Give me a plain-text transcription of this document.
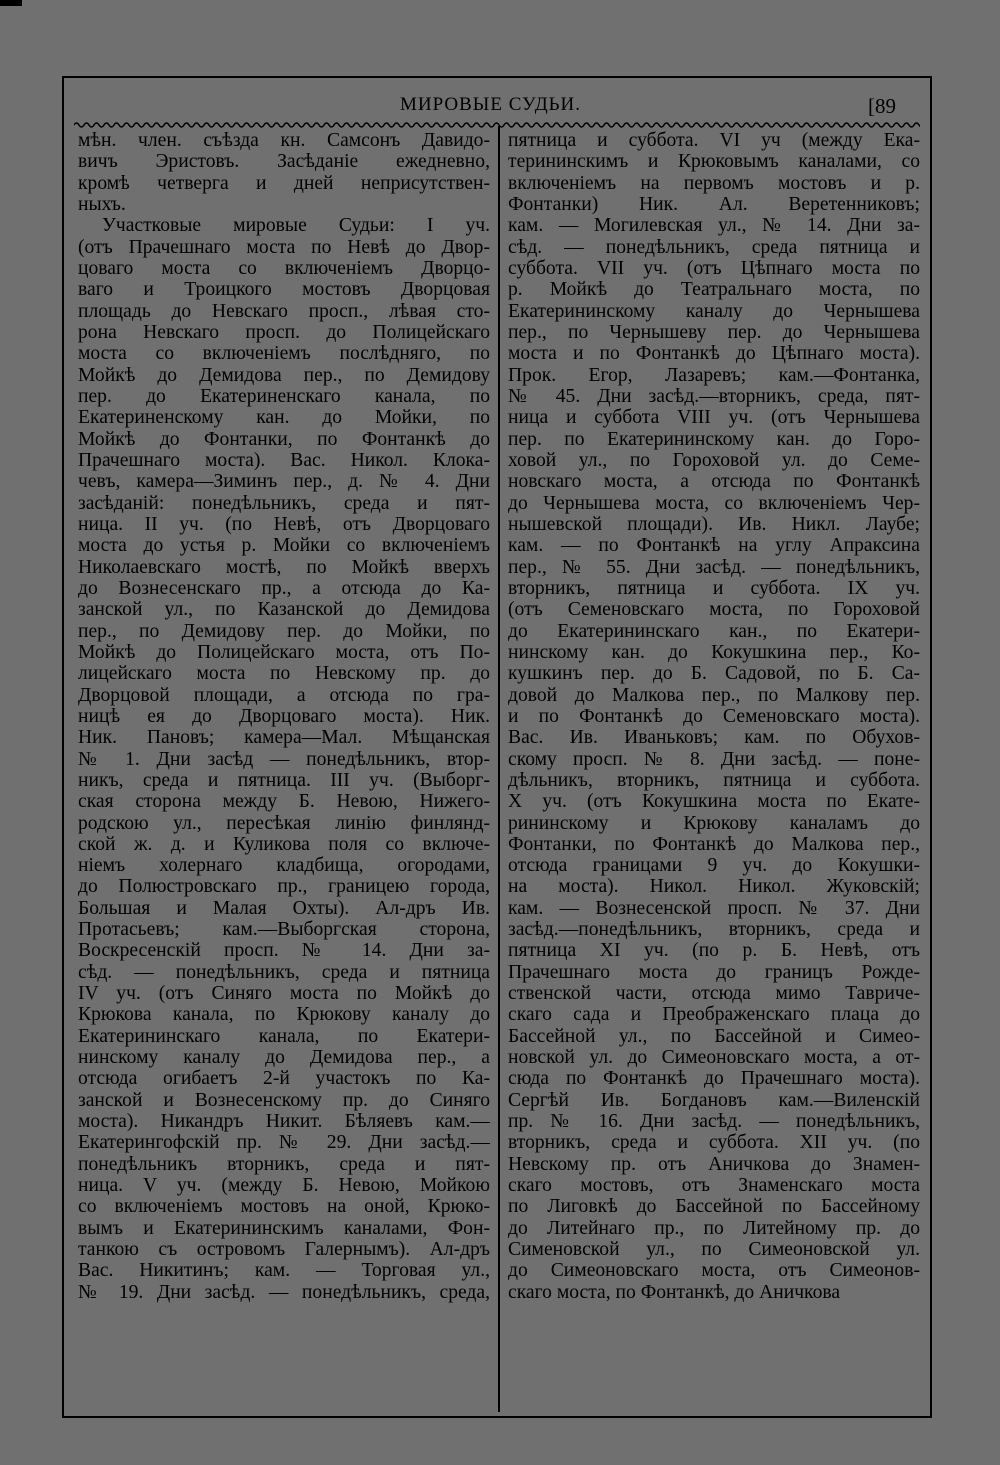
МИРОВЫЕ СУДЬИ.	[89
мѣн. член. съѣзда кн. Самсонъ Давидо-
вичъ Эристовъ. Засѣданіе ежедневно,
кромѣ четверга и дней неприсутствен-
ныхъ.
Участковые мировые Судьи: I уч.
(отъ Прачешнаго моста по Невѣ до Двор-
цоваго моста со включеніемъ Дворцо-
ваго и Троицкого мостовъ Дворцовая
площадь до Невскаго просп., лѣвая сто-
рона Невскаго просп. до Полицейскаго
моста со включеніемъ послѣдняго, по
Мойкѣ до Демидова пер., по Демидову
пер. до Екатериненскаго канала, по
Екатериненскому кан. до Мойки, по
Мойкѣ до Фонтанки, по Фонтанкѣ до
Прачешнаго моста). Вас. Никол. Клока-
чевъ, камера—Зиминъ пер., д. № 4. Дни
засѣданій: понедѣльникъ, среда и пят-
ница. II уч. (по Невѣ, отъ Дворцоваго
моста до устья р. Мойки со включеніемъ
Николаевскаго мостѣ, по Мойкѣ вверхъ
до Вознесенскаго пр., а отсюда до Ка-
занской ул., по Казанской до Демидова
пер., по Демидову пер. до Мойки, по
Мойкѣ до Полицейскаго моста, отъ По-
лицейскаго моста по Невскому пр. до
Дворцовой площади, а отсюда по гра-
ницѣ ея до Дворцоваго моста). Ник.
Ник. Пановъ; камера—Мал. Мѣщанская
№ 1. Дни засѣд — понедѣльникъ, втор-
никъ, среда и пятница. III уч. (Выборг-
ская сторона между Б. Невою, Нижего-
родскою ул., пересѣкая линію финлянд-
ской ж. д. и Куликова поля со включе-
ніемъ холернаго кладбища, огородами,
до Полюстровскаго пр., границею города,
Большая и Малая Охты). Ал-дръ Ив.
Протасьевъ; кам.—Выборгская сторона,
Воскресенскій просп. № 14. Дни за-
сѣд. — понедѣльникъ, среда и пятница
IV уч. (отъ Синяго моста по Мойкѣ до
Крюкова канала, по Крюкову каналу до
Екатерининскаго канала, по Екатери-
нинскому каналу до Демидова пер., а
отсюда огибаетъ 2-й участокъ по Ка-
занской и Вознесенскому пр. до Синяго
моста). Никандръ Никит. Бѣляевъ кам.—
Екатерингофскій пр. № 29. Дни засѣд.—
понедѣльникъ вторникъ, среда и пят-
ница. V уч. (между Б. Невою, Мойкою
со включеніемъ мостовъ на оной, Крюко-
вымъ и Екатерининскимъ каналами, Фон-
танкою съ островомъ Галернымъ). Ал-дръ
Вас. Никитинъ; кам. — Торговая ул.,
№ 19. Дни засѣд. — понедѣльникъ, среда,
пятница и суббота. VI уч (между Ека-
терининскимъ и Крюковымъ каналами, со
включеніемъ на первомъ мостовъ и р.
Фонтанки) Ник. Ал. Веретенниковъ;
кам. — Могилевская ул., № 14. Дни за-
сѣд. — понедѣльникъ, среда пятница и
суббота. VII уч. (отъ Цѣпнаго моста по
р. Мойкѣ до Театральнаго моста, по
Екатерининскому каналу до Чернышева
пер., по Чернышеву пер. до Чернышева
моста и по Фонтанкѣ до Цѣпнаго моста).
Прок. Егор, Лазаревъ; кам.—Фонтанка,
№ 45. Дни засѣд.—вторникъ, среда, пят-
ница и суббота VIII уч. (отъ Чернышева
пер. по Екатерининскому кан. до Горо-
ховой ул., по Гороховой ул. до Семе-
новскаго моста, а отсюда по Фонтанкѣ
до Чернышева моста, со включеніемъ Чер-
нышевской площади). Ив. Никл. Лаубе;
кам. — по Фонтанкѣ на углу Апраксина
пер., № 55. Дни засѣд. — понедѣльникъ,
вторникъ, пятница и суббота. IX уч.
(отъ Семеновскаго моста, по Гороховой
до Екатерининскаго кан., по Екатери-
нинскому кан. до Кокушкина пер., Ко-
кушкинъ пер. до Б. Садовой, по Б. Са-
довой до Малкова пер., по Малкову пер.
и по Фонтанкѣ до Семеновскаго моста).
Вас. Ив. Иваньковъ; кам. по Обухов-
скому просп. № 8. Дни засѣд. — поне-
дѣльникъ, вторникъ, пятница и суббота.
X уч. (отъ Кокушкина моста по Екате-
рининскому и Крюкову каналамъ до
Фонтанки, по Фонтанкѣ до Малкова пер.,
отсюда границами 9 уч. до Кокушки-
на моста). Никол. Никол. Жуковскій;
кам. — Вознесенской просп. № 37. Дни
засѣд.—понедѣльникъ, вторникъ, среда и
пятница XI уч. (по р. Б. Невѣ, отъ
Прачешнаго моста до границъ Рожде-
ственской части, отсюда мимо Тавриче-
скаго сада и Преображенскаго плаца до
Бассейной ул., по Бассейной и Симео-
новской ул. до Симеоновскаго моста, а от-
сюда по Фонтанкѣ до Прачешнаго моста).
Сергѣй Ив. Богдановъ кам.—Виленскій
пр. № 16. Дни засѣд. — понедѣльникъ,
вторникъ, среда и суббота. XII уч. (по
Невскому пр. отъ Аничкова до Знамен-
скаго мостовъ, отъ Знаменскаго моста
по Лиговкѣ до Бассейной по Бассейному
до Литейнаго пр., по Литейному пр. до
Сименовской ул., по Симеоновской ул.
до Симеоновскаго моста, отъ Симеонов-
скаго моста, по Фонтанкѣ, до Аничкова
